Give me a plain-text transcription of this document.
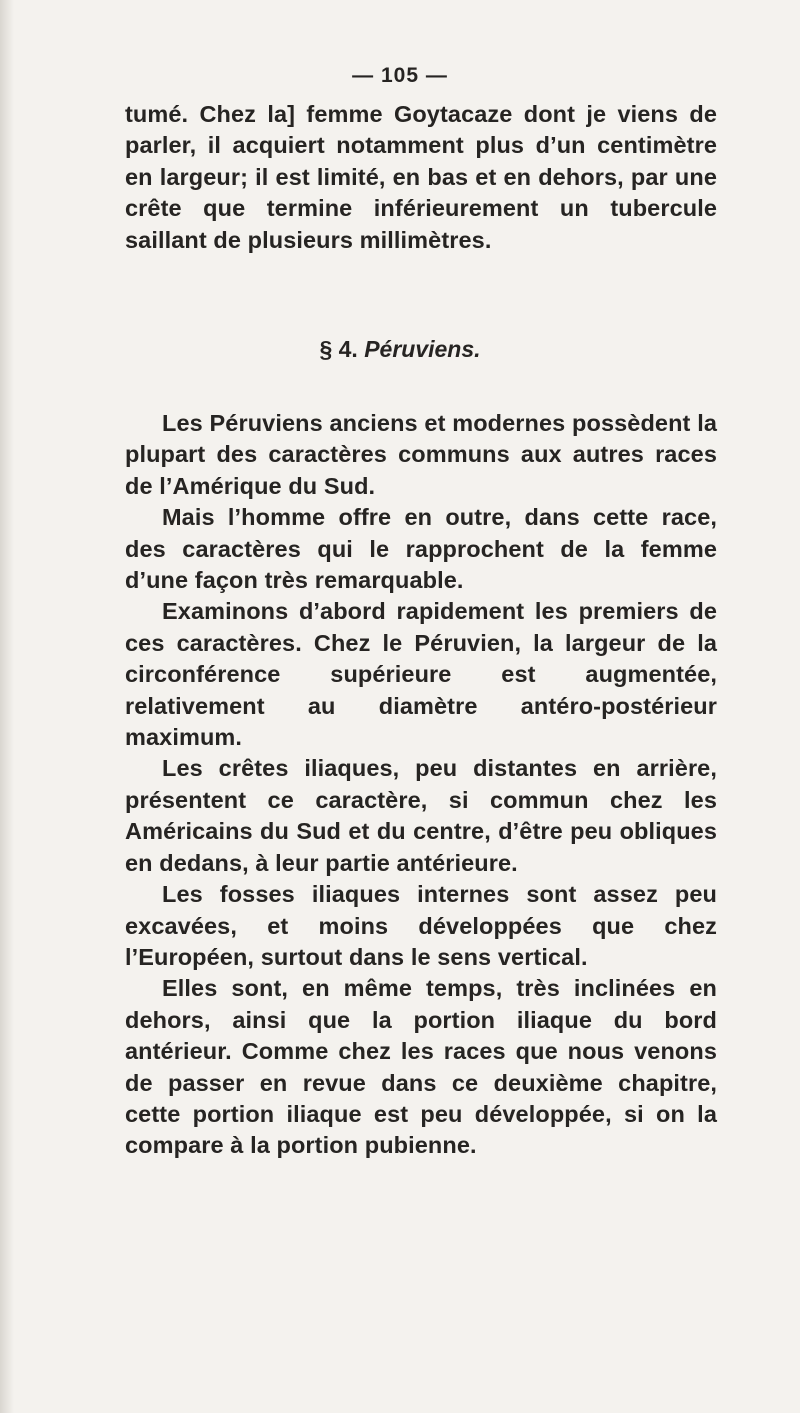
— 105 —

tumé. Chez la] femme Goytacaze dont je viens de parler, il acquiert notamment plus d’un centimètre en largeur; il est limité, en bas et en dehors, par une crête que termine inférieurement un tubercule saillant de plusieurs millimètres.

§ 4. Péruviens.

Les Péruviens anciens et modernes possèdent la plupart des caractères communs aux autres races de l’Amérique du Sud.

Mais l’homme offre en outre, dans cette race, des caractères qui le rapprochent de la femme d’une façon très remarquable.

Examinons d’abord rapidement les premiers de ces caractères. Chez le Péruvien, la largeur de la circonférence supérieure est augmentée, relativement au diamètre antéro-postérieur maximum.

Les crêtes iliaques, peu distantes en arrière, présentent ce caractère, si commun chez les Américains du Sud et du centre, d’être peu obliques en dedans, à leur partie antérieure.

Les fosses iliaques internes sont assez peu excavées, et moins développées que chez l’Européen, surtout dans le sens vertical.

Elles sont, en même temps, très inclinées en dehors, ainsi que la portion iliaque du bord antérieur. Comme chez les races que nous venons de passer en revue dans ce deuxième chapitre, cette portion iliaque est peu développée, si on la compare à la portion pubienne.
